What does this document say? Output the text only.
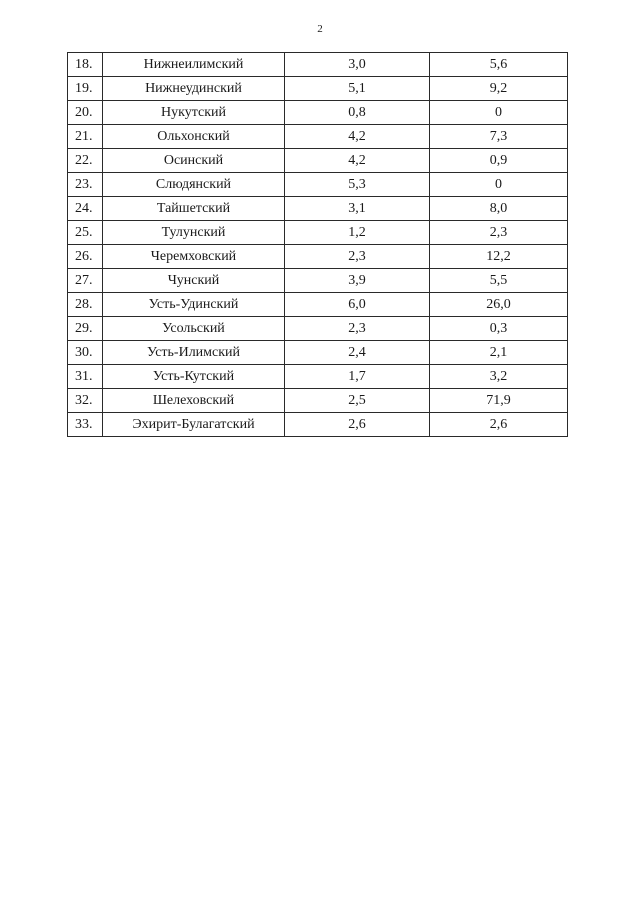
2
18.	Нижнеилимский	3,0	5,6
19.	Нижнеудинский	5,1	9,2
20.	Нукутский	0,8	0
21.	Ольхонский	4,2	7,3
22.	Осинский	4,2	0,9
23.	Слюдянский	5,3	0
24.	Тайшетский	3,1	8,0
25.	Тулунский	1,2	2,3
26.	Черемховский	2,3	12,2
27.	Чунский	3,9	5,5
28.	Усть-Удинский	6,0	26,0
29.	Усольский	2,3	0,3
30.	Усть-Илимский	2,4	2,1
31.	Усть-Кутский	1,7	3,2
32.	Шелеховский	2,5	71,9
33.	Эхирит-Булагатский	2,6	2,6
